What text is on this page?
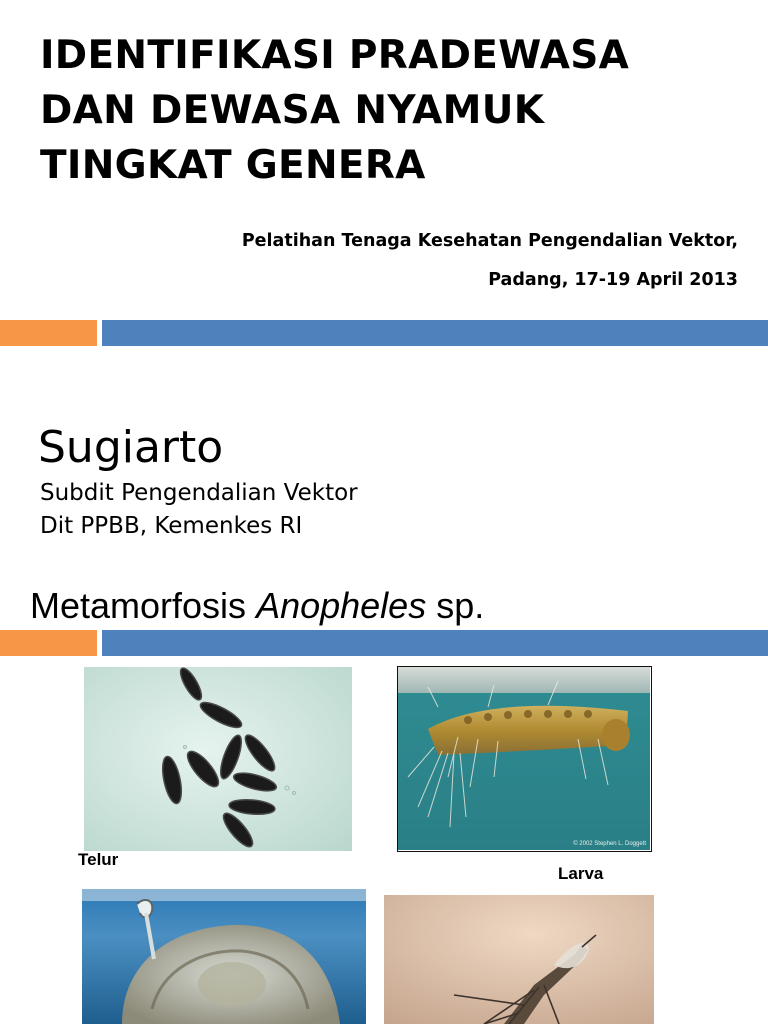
IDENTIFIKASI PRADEWASA
DAN DEWASA NYAMUK
TINGKAT GENERA
Pelatihan Tenaga Kesehatan Pengendalian Vektor,
Padang, 17-19 April 2013
Sugiarto
Subdit Pengendalian Vektor
Dit PPBB, Kemenkes RI
Metamorfosis Anopheles sp.
© 2002 Stephen L. Doggett
Telur
Larva
